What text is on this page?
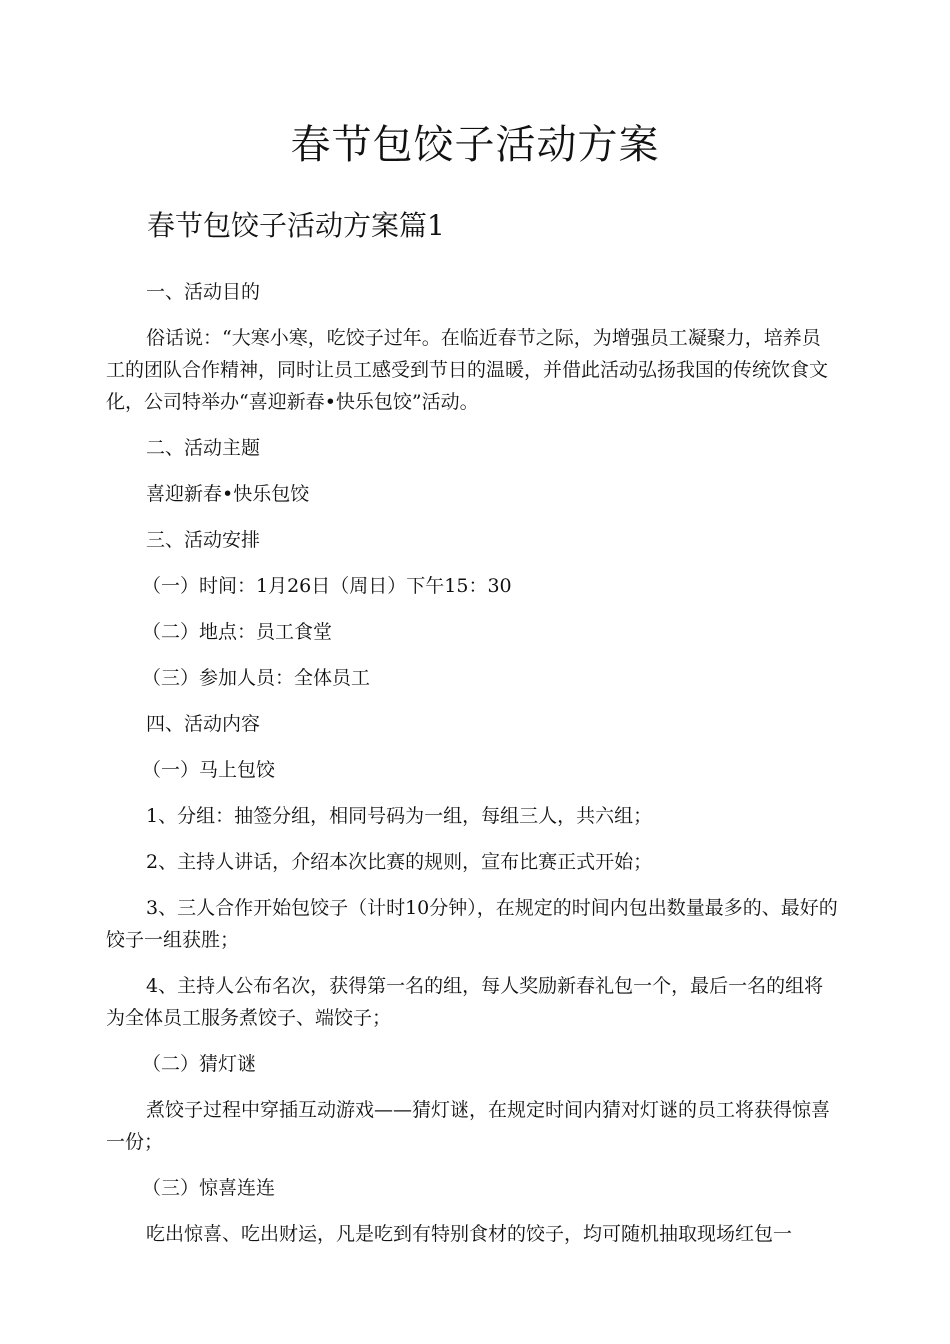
春节包饺子活动方案
春节包饺子活动方案篇1

一、活动目的

俗话说：“大寒小寒，吃饺子过年。在临近春节之际，为增强员工凝聚力，培养员工的团队合作精神，同时让员工感受到节日的温暖，并借此活动弘扬我国的传统饮食文化，公司特举办“喜迎新春•快乐包饺”活动。

二、活动主题

喜迎新春•快乐包饺

三、活动安排

（一）时间：1月26日（周日）下午15：30

（二）地点：员工食堂

（三）参加人员：全体员工

四、活动内容

（一）马上包饺

1、分组：抽签分组，相同号码为一组，每组三人，共六组；

2、主持人讲话，介绍本次比赛的规则，宣布比赛正式开始；

3、三人合作开始包饺子（计时10分钟），在规定的时间内包出数量最多的、最好的饺子一组获胜；

4、主持人公布名次，获得第一名的组，每人奖励新春礼包一个，最后一名的组将为全体员工服务煮饺子、端饺子；

（二）猜灯谜

煮饺子过程中穿插互动游戏——猜灯谜，在规定时间内猜对灯谜的员工将获得惊喜一份；

（三）惊喜连连

吃出惊喜、吃出财运，凡是吃到有特别食材的饺子，均可随机抽取现场红包一
